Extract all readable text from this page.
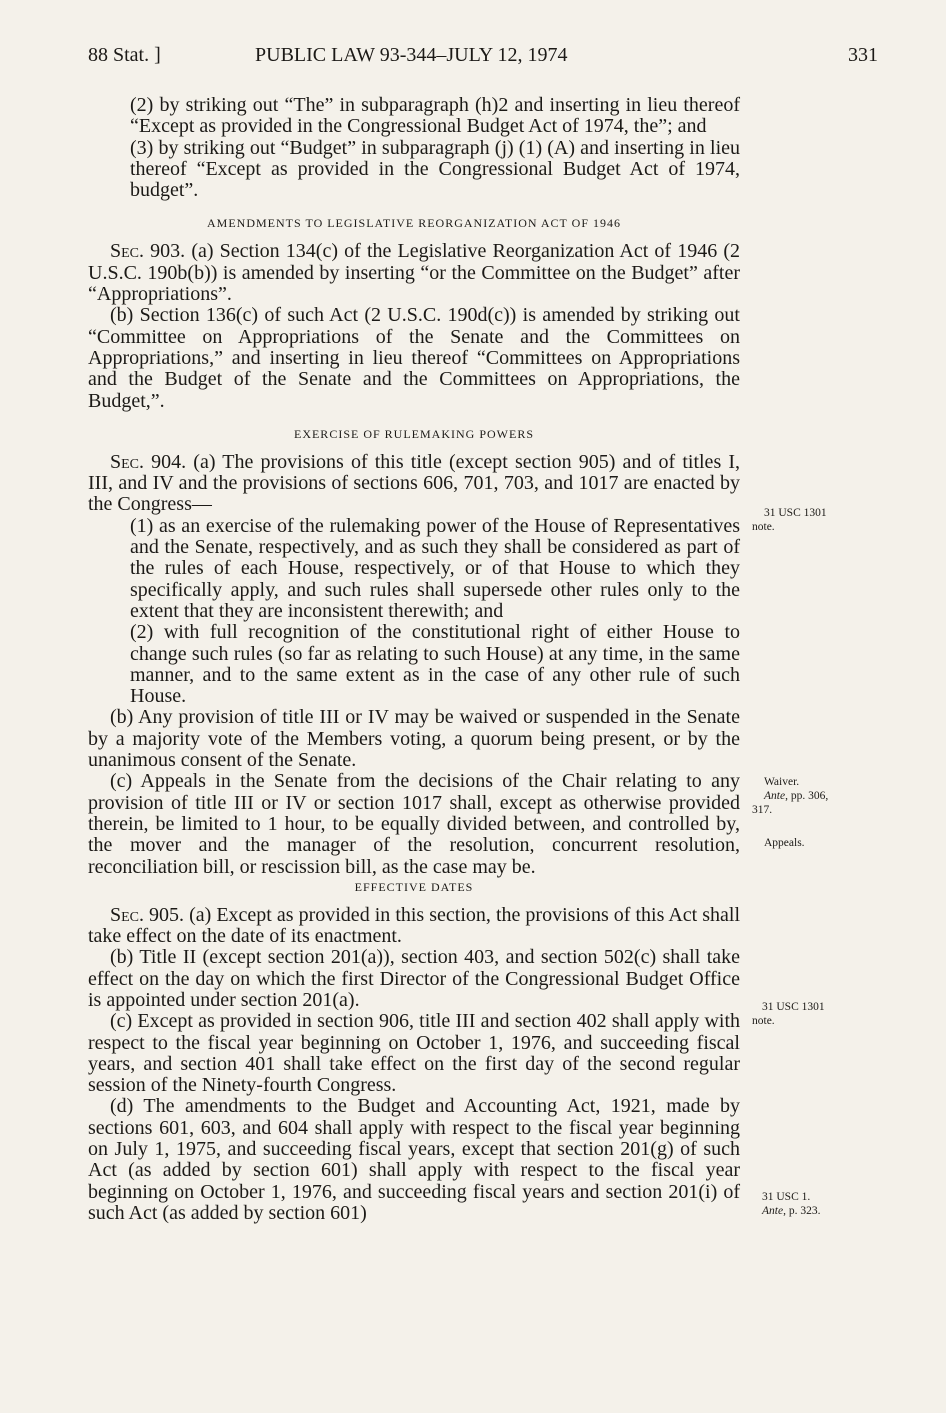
88 Stat. ]	PUBLIC LAW 93-344–JULY 12, 1974	331

(2) by striking out “The” in subparagraph (h)2 and inserting in lieu thereof “Except as provided in the Congressional Budget Act of 1974, the”; and

(3) by striking out “Budget” in subparagraph (j) (1) (A) and inserting in lieu thereof “Except as provided in the Congressional Budget Act of 1974, budget”.

AMENDMENTS TO LEGISLATIVE REORGANIZATION ACT OF 1946

Sec. 903. (a) Section 134(c) of the Legislative Reorganization Act of 1946 (2 U.S.C. 190b(b)) is amended by inserting “or the Committee on the Budget” after “Appropriations”.

(b) Section 136(c) of such Act (2 U.S.C. 190d(c)) is amended by striking out “Committee on Appropriations of the Senate and the Committees on Appropriations,” and inserting in lieu thereof “Committees on Appropriations and the Budget of the Senate and the Committees on Appropriations, the Budget,”.

EXERCISE OF RULEMAKING POWERS

Sec. 904. (a) The provisions of this title (except section 905) and of titles I, III, and IV and the provisions of sections 606, 701, 703, and 1017 are enacted by the Congress—

(1) as an exercise of the rulemaking power of the House of Representatives and the Senate, respectively, and as such they shall be considered as part of the rules of each House, respectively, or of that House to which they specifically apply, and such rules shall supersede other rules only to the extent that they are inconsistent therewith; and

(2) with full recognition of the constitutional right of either House to change such rules (so far as relating to such House) at any time, in the same manner, and to the same extent as in the case of any other rule of such House.

(b) Any provision of title III or IV may be waived or suspended in the Senate by a majority vote of the Members voting, a quorum being present, or by the unanimous consent of the Senate.

(c) Appeals in the Senate from the decisions of the Chair relating to any provision of title III or IV or section 1017 shall, except as otherwise provided therein, be limited to 1 hour, to be equally divided between, and controlled by, the mover and the manager of the resolution, concurrent resolution, reconciliation bill, or rescission bill, as the case may be.

EFFECTIVE DATES

Sec. 905. (a) Except as provided in this section, the provisions of this Act shall take effect on the date of its enactment.

(b) Title II (except section 201(a)), section 403, and section 502(c) shall take effect on the day on which the first Director of the Congressional Budget Office is appointed under section 201(a).

(c) Except as provided in section 906, title III and section 402 shall apply with respect to the fiscal year beginning on October 1, 1976, and succeeding fiscal years, and section 401 shall take effect on the first day of the second regular session of the Ninety-fourth Congress.

(d) The amendments to the Budget and Accounting Act, 1921, made by sections 601, 603, and 604 shall apply with respect to the fiscal year beginning on July 1, 1975, and succeeding fiscal years, except that section 201(g) of such Act (as added by section 601) shall apply with respect to the fiscal year beginning on October 1, 1976, and succeeding fiscal years and section 201(i) of such Act (as added by section 601)

31 USC 1301
note.
Waiver.
Ante, pp. 306,
317.
Appeals.
31 USC 1301
note.
31 USC 1.
Ante, p. 323.
